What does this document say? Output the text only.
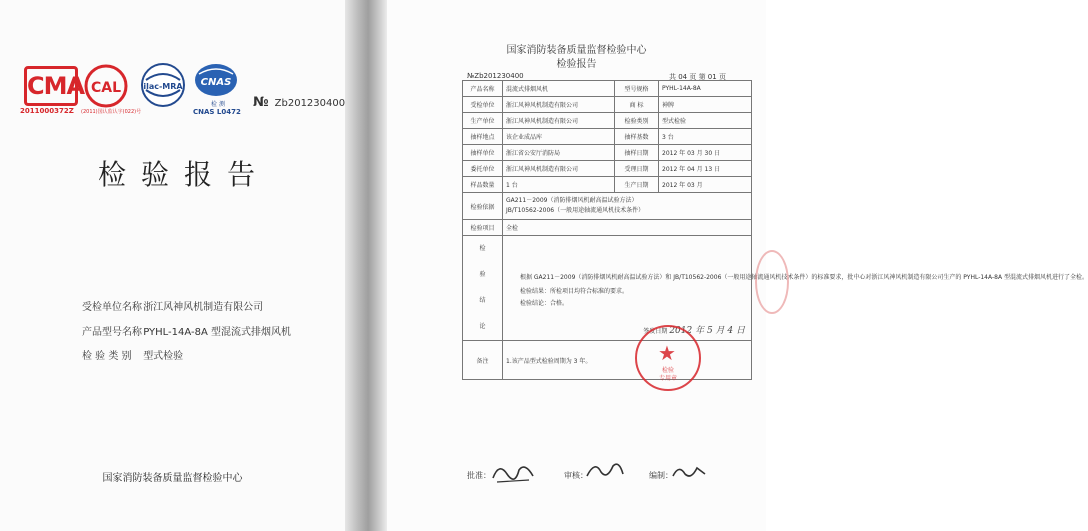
CMA
2011000372Z
CAL
(2011)国认监认字(022)号
ilac-MRA CNAS
检 测
CNAS L0472
№ Zb201230400
检验报告
受检单位名称 浙江风神风机制造有限公司
产品型号名称 PYHL-14A-8A 型混流式排烟风机
检 验 类 别 型式检验
国家消防装备质量监督检验中心
国家消防装备质量监督检验中心
检验报告
№Zb201230400	共 04 页 第 01 页
产品名称	混流式排烟风机	型号规格	PYHL-14A-8A
受检单位	浙江风神风机制造有限公司	商 标	神牌
生产单位	浙江风神风机制造有限公司	检验类别	型式检验
抽样地点	该企业成品库	抽样基数	3 台
抽样单位	浙江省公安厅消防局	抽样日期	2012 年 03 月 30 日
委托单位	浙江风神风机制造有限公司	受理日期	2012 年 04 月 13 日
样品数量	1 台	生产日期	2012 年 03 月
检验依据	GA211－2009（消防排烟风机耐高温试验方法）
JB/T10562-2006（一般用途轴流通风机技术条件）		

检验项目	全检		
检验结论	根据 GA211－2009（消防排烟风机耐高温试验方法）和 JB/T10562-2006（一般用途轴流通风机技术条件）的标准要求，批中心对浙江风神风机制造有限公司生产的 PYHL-14A-8A 型混流式排烟风机进行了全检。
检验结果：所检项目均符合标准的要求。
检验结论：合格。
签发日期 2012 年 5 月 4 日		

备注	1.该产品型式检验周期为 3 年。			★
检验
专用章
批准：	审核：	编制：
